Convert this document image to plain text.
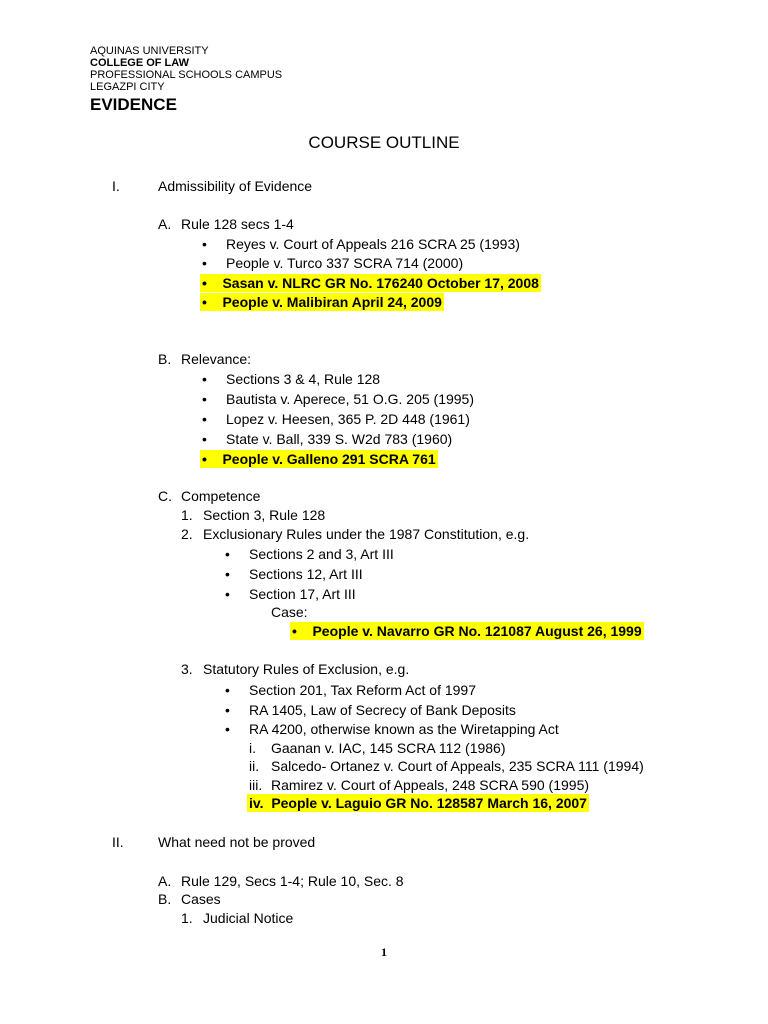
AQUINAS UNIVERSITY
COLLEGE OF LAW
PROFESSIONAL SCHOOLS CAMPUS
LEGAZPI CITY
EVIDENCE
COURSE OUTLINE
I.	Admissibility of Evidence
A. Rule 128 secs 1-4
• Reyes v. Court of Appeals 216 SCRA 25 (1993)
• People v. Turco 337 SCRA 714 (2000)
•    Sasan v. NLRC GR No. 176240 October 17, 2008
•    People v. Malibiran April 24, 2009
B. Relevance:
• Sections 3 & 4, Rule 128
• Bautista v. Aperece, 51 O.G. 205 (1995)
• Lopez v. Heesen, 365 P. 2D 448 (1961)
• State v. Ball, 339 S. W2d 783 (1960)
•    People v. Galleno 291 SCRA 761
C. Competence
1. Section 3, Rule 128
2. Exclusionary Rules under the 1987 Constitution, e.g.
• Sections 2 and 3, Art III
• Sections 12, Art III
• Section 17, Art III
Case:
•    People v. Navarro GR No. 121087 August 26, 1999
3. Statutory Rules of Exclusion, e.g.
• Section 201, Tax Reform Act of 1997
• RA 1405, Law of Secrecy of Bank Deposits
• RA 4200, otherwise known as the Wiretapping Act
i. Gaanan v. IAC, 145 SCRA 112 (1986)
ii. Salcedo- Ortanez v. Court of Appeals, 235 SCRA 111 (1994)
iii. Ramirez v. Court of Appeals, 248 SCRA 590 (1995)
iv. People v. Laguio GR No. 128587 March 16, 2007
II. What need not be proved
A. Rule 129, Secs 1-4; Rule 10, Sec. 8
B. Cases
1. Judicial Notice
1
